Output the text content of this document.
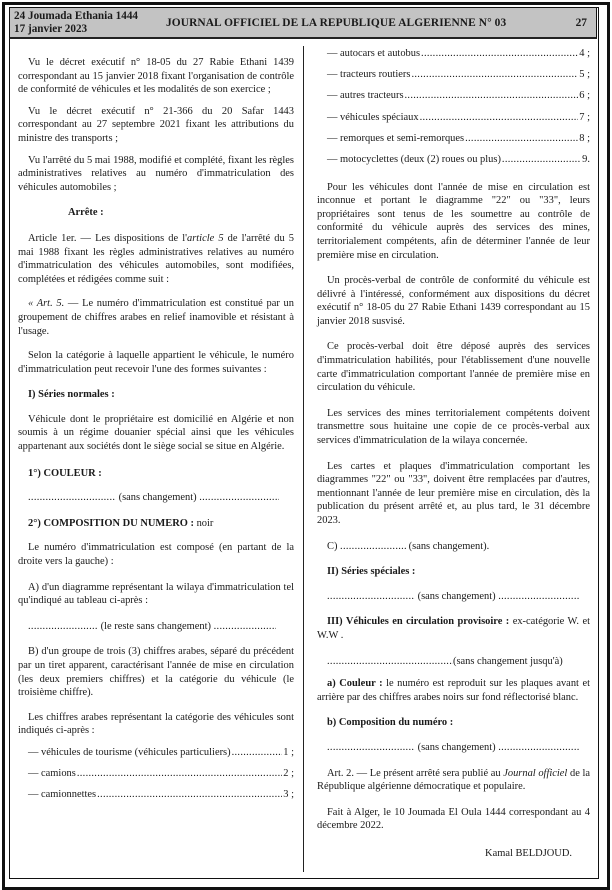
24 Joumada Ethania 1444
17 janvier 2023	JOURNAL OFFICIEL DE LA REPUBLIQUE ALGERIENNE N° 03	27

Vu le décret exécutif n° 18-05 du 27 Rabie Ethani 1439 correspondant au 15 janvier 2018 fixant l'organisation de contrôle de conformité de véhicules et les modalités de son exercice ;

Vu le décret exécutif n° 21-366 du 20 Safar 1443 correspondant au 27 septembre 2021 fixant les attributions du ministre des transports ;

Vu l'arrêté du 5 mai 1988, modifié et complété, fixant les règles administratives relatives au numéro d'immatriculation des véhicules automobiles ;

Arrête :

Article 1er. — Les dispositions de l'article 5 de l'arrêté du 5 mai 1988 fixant les règles administratives relatives au numéro d'immatriculation des véhicules automobiles, sont modifiées, complétées et rédigées comme suit :

« Art. 5. — Le numéro d'immatriculation est constitué par un groupement de chiffres arabes en relief inamovible et résistant à l'usage.

Selon la catégorie à laquelle appartient le véhicule, le numéro d'immatriculation peut recevoir l'une des formes suivantes :

I) Séries normales :

Véhicule dont le propriétaire est domicilié en Algérie et non soumis à un régime douanier spécial ainsi que les véhicules appartenant aux sociétés dont le siège social se situe en Algérie.

1°) COULEUR :

..... (sans changement) .....

2°) COMPOSITION DU NUMERO : noir

Le numéro d'immatriculation est composé (en partant de la droite vers la gauche) :

A) d'un diagramme représentant la wilaya d'immatriculation tel qu'indiqué au tableau ci-après :

..... (le reste sans changement) .....

B) d'un groupe de trois (3) chiffres arabes, séparé du précédent par un tiret apparent, caractérisant l'année de mise en circulation (les deux premiers chiffres) et la catégorie du véhicule (le troisième chiffre).

Les chiffres arabes représentant la catégorie des véhicules sont indiqués ci-après :

— véhicules de tourisme (véhicules particuliers) .....	1 ;
— camions .....	2 ;
— camionnettes .....	3 ;
— autocars et autobus .....	4 ;
— tracteurs routiers .....	5 ;
— autres tracteurs .....	6 ;
— véhicules spéciaux .....	7 ;
— remorques et semi-remorques .....	8 ;
— motocyclettes (deux (2) roues ou plus) .....	9.

Pour les véhicules dont l'année de mise en circulation est inconnue et portant le diagramme "22" ou "33", leurs propriétaires sont tenus de les soumettre au contrôle de conformité du véhicule auprès des services des mines, territorialement compétents, afin de déterminer l'année de leur première mise en circulation.

Un procès-verbal de contrôle de conformité du véhicule est délivré à l'intéressé, conformément aux dispositions du décret exécutif n° 18-05 du 27 Rabie Ethani 1439 correspondant au 15 janvier 2018 susvisé.

Ce procès-verbal doit être déposé auprès des services d'immatriculation habilités, pour l'établissement d'une nouvelle carte d'immatriculation comportant l'année de première mise en circulation du véhicule.

Les services des mines territorialement compétents doivent transmettre sous huitaine une copie de ce procès-verbal aux services d'immatriculation de la wilaya concernée.

Les cartes et plaques d'immatriculation comportant les diagrammes "22" ou "33", doivent être remplacées par d'autres, mentionnant l'année de leur première mise en circulation, dès la publication du présent arrêté et, au plus tard, le 31 décembre 2023.

C) .....	(sans changement).

II) Séries spéciales :

..... (sans changement) .....

III) Véhicules en circulation provisoire : ex-catégorie W. et W.W .

.....(sans changement jusqu'à)

a) Couleur : le numéro est reproduit sur les plaques avant et arrière par des chiffres arabes noirs sur fond réflectorisé blanc.

b) Composition du numéro :

..... (sans changement) .....

Art. 2. — Le présent arrêté sera publié au Journal officiel de la République algérienne démocratique et populaire.

Fait à Alger, le 10 Joumada El Oula 1444 correspondant au 4 décembre 2022.

Kamal BELDJOUD.
